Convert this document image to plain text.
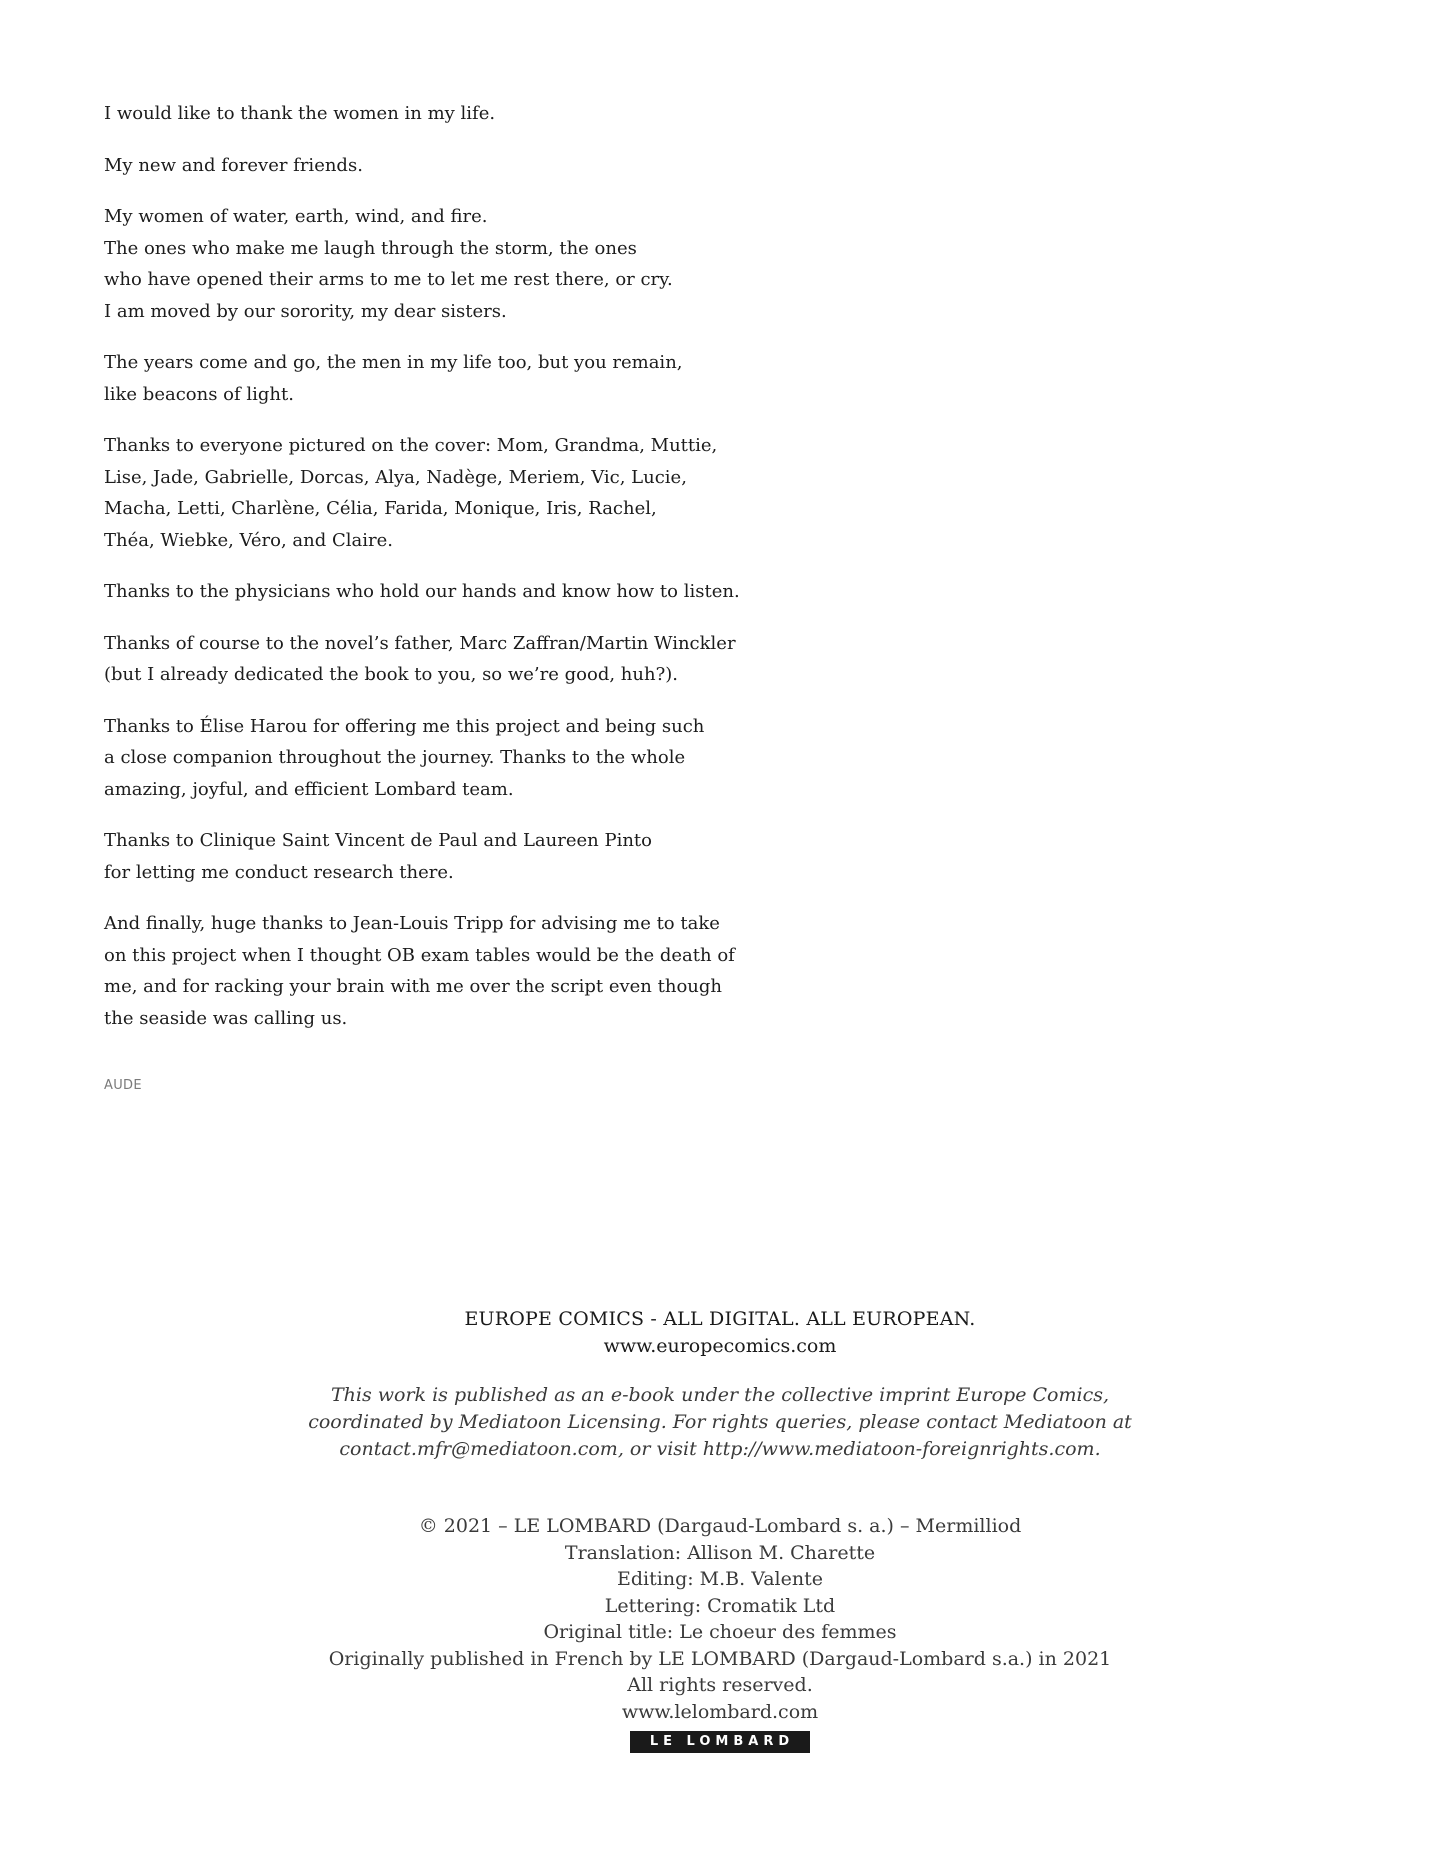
I would like to thank the women in my life.

My new and forever friends.

My women of water, earth, wind, and fire.
The ones who make me laugh through the storm, the ones
who have opened their arms to me to let me rest there, or cry.
I am moved by our sorority, my dear sisters.

The years come and go, the men in my life too, but you remain,
like beacons of light.

Thanks to everyone pictured on the cover: Mom, Grandma, Muttie,
Lise, Jade, Gabrielle, Dorcas, Alya, Nadège, Meriem, Vic, Lucie,
Macha, Letti, Charlène, Célia, Farida, Monique, Iris, Rachel,
Théa, Wiebke, Véro, and Claire.

Thanks to the physicians who hold our hands and know how to listen.

Thanks of course to the novel’s father, Marc Zaffran/Martin Winckler
(but I already dedicated the book to you, so we’re good, huh?).

Thanks to Élise Harou for offering me this project and being such
a close companion throughout the journey. Thanks to the whole
amazing, joyful, and efficient Lombard team.

Thanks to Clinique Saint Vincent de Paul and Laureen Pinto
for letting me conduct research there.

And finally, huge thanks to Jean-Louis Tripp for advising me to take
on this project when I thought OB exam tables would be the death of
me, and for racking your brain with me over the script even though
the seaside was calling us.

AUDE
EUROPE COMICS - ALL DIGITAL. ALL EUROPEAN.
www.europecomics.com
This work is published as an e-book under the collective imprint Europe Comics,
coordinated by Mediatoon Licensing. For rights queries, please contact Mediatoon at
contact.mfr@mediatoon.com, or visit http://www.mediatoon-foreignrights.com.
© 2021 – LE LOMBARD (Dargaud-Lombard s. a.) – Mermilliod
Translation: Allison M. Charette
Editing: M.B. Valente
Lettering: Cromatik Ltd
Original title: Le choeur des femmes
Originally published in French by LE LOMBARD (Dargaud-Lombard s.a.) in 2021
All rights reserved.
www.lelombard.com
LE LOMBARD
